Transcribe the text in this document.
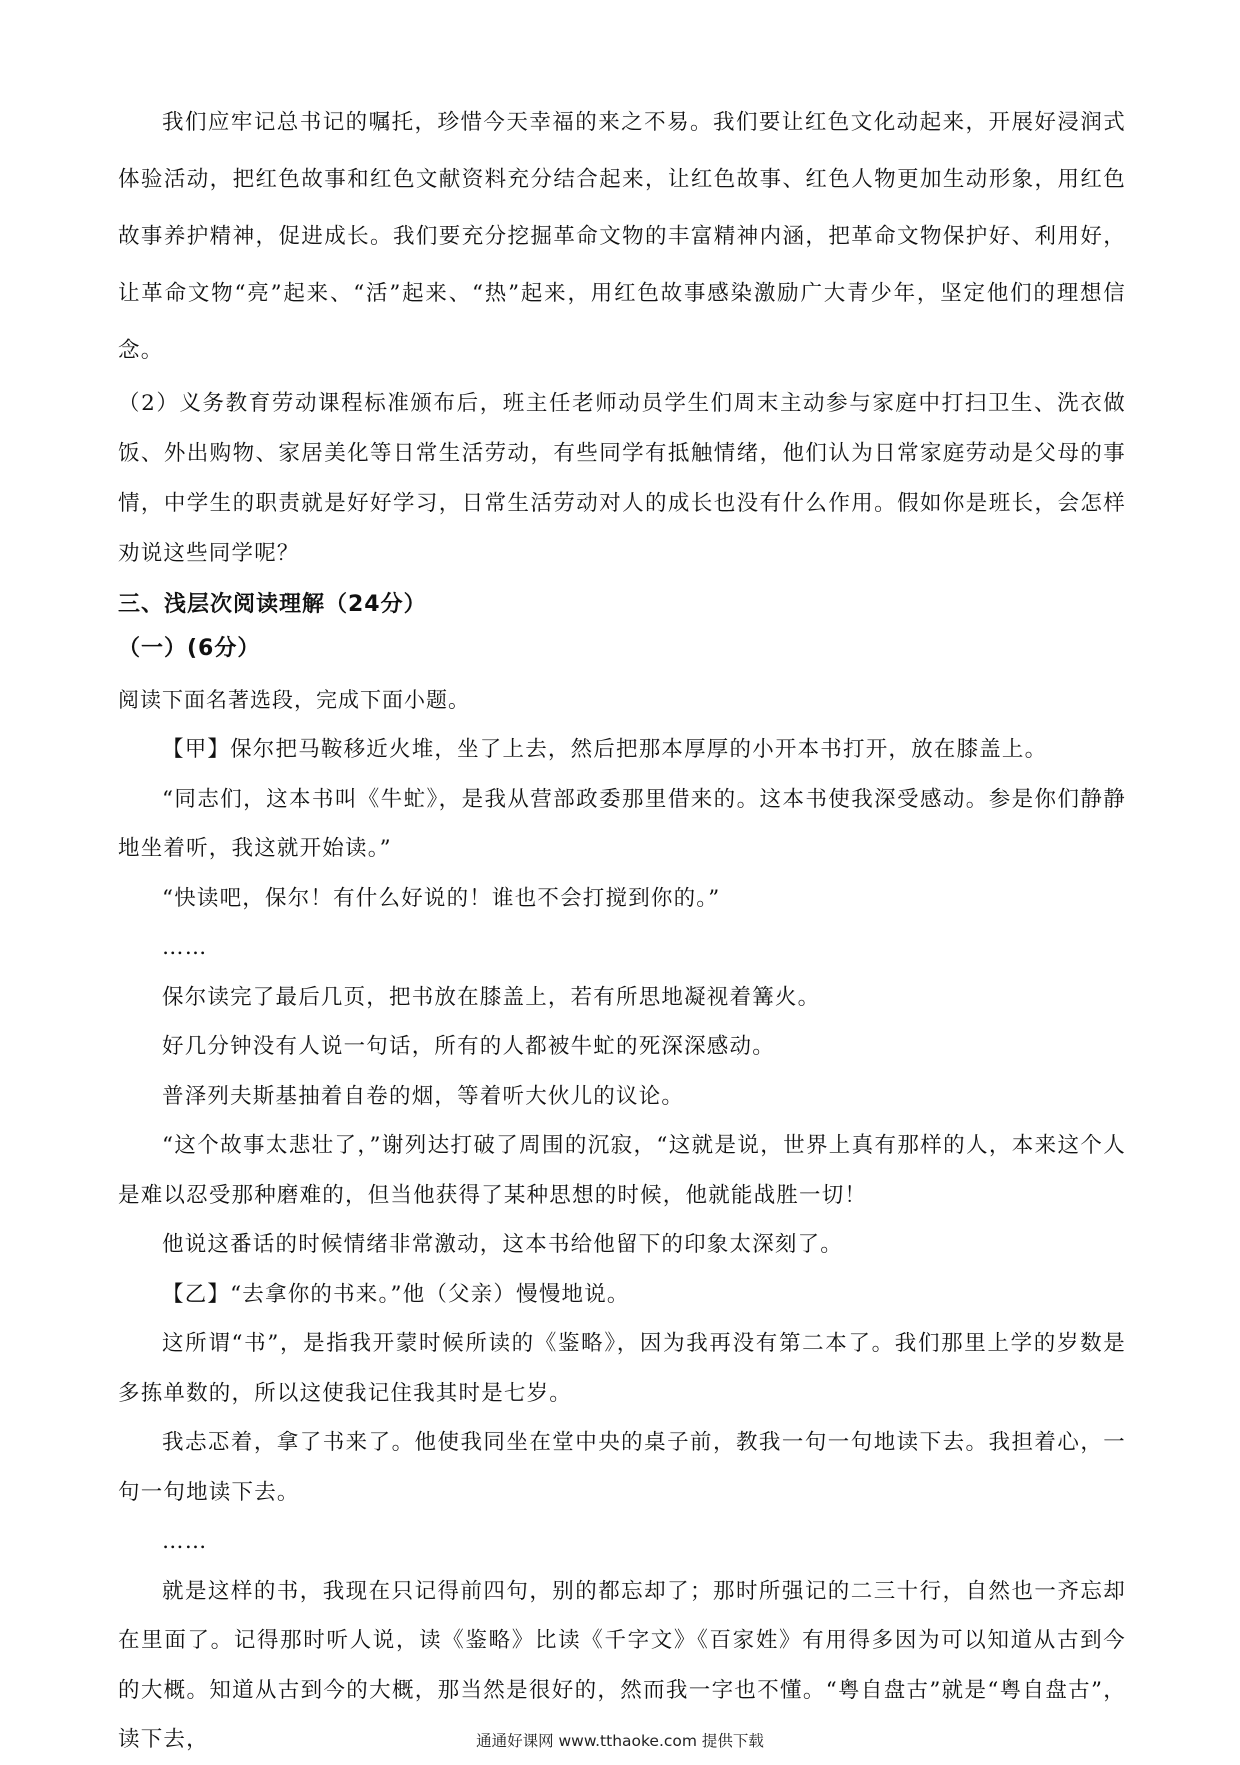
我们应牢记总书记的嘱托，珍惜今天幸福的来之不易。我们要让红色文化动起来，开展好浸润式体验活动，把红色故事和红色文献资料充分结合起来，让红色故事、红色人物更加生动形象，用红色故事养护精神，促进成长。我们要充分挖掘革命文物的丰富精神内涵，把革命文物保护好、利用好，让革命文物“亮”起来、“活”起来、“热”起来，用红色故事感染激励广大青少年，坚定他们的理想信念。

（2）义务教育劳动课程标准颁布后，班主任老师动员学生们周末主动参与家庭中打扫卫生、洗衣做饭、外出购物、家居美化等日常生活劳动，有些同学有抵触情绪，他们认为日常家庭劳动是父母的事情，中学生的职责就是好好学习，日常生活劳动对人的成长也没有什么作用。假如你是班长，会怎样劝说这些同学呢？

三、浅层次阅读理解（24分）

（一）(6分）

阅读下面名著选段，完成下面小题。

【甲】保尔把马鞍移近火堆，坐了上去，然后把那本厚厚的小开本书打开，放在膝盖上。

“同志们，这本书叫《牛虻》，是我从营部政委那里借来的。这本书使我深受感动。参是你们静静地坐着听，我这就开始读。”

“快读吧，保尔！有什么好说的！谁也不会打搅到你的。”

……

保尔读完了最后几页，把书放在膝盖上，若有所思地凝视着篝火。

好几分钟没有人说一句话，所有的人都被牛虻的死深深感动。

普泽列夫斯基抽着自卷的烟，等着听大伙儿的议论。

“这个故事太悲壮了，”谢列达打破了周围的沉寂，“这就是说，世界上真有那样的人，本来这个人是难以忍受那种磨难的，但当他获得了某种思想的时候，他就能战胜一切！

他说这番话的时候情绪非常激动，这本书给他留下的印象太深刻了。

【乙】“去拿你的书来。”他（父亲）慢慢地说。

这所谓“书”，是指我开蒙时候所读的《鉴略》，因为我再没有第二本了。我们那里上学的岁数是多拣单数的，所以这使我记住我其时是七岁。

我忐忑着，拿了书来了。他使我同坐在堂中央的桌子前，教我一句一句地读下去。我担着心，一句一句地读下去。

……

就是这样的书，我现在只记得前四句，别的都忘却了；那时所强记的二三十行，自然也一齐忘却在里面了。记得那时听人说，读《鉴略》比读《千字文》《百家姓》有用得多因为可以知道从古到今的大概。知道从古到今的大概，那当然是很好的，然而我一字也不懂。“粤自盘古”就是“粤自盘古”，读下去，	通通好课网 www.tthaoke.com 提供下载
